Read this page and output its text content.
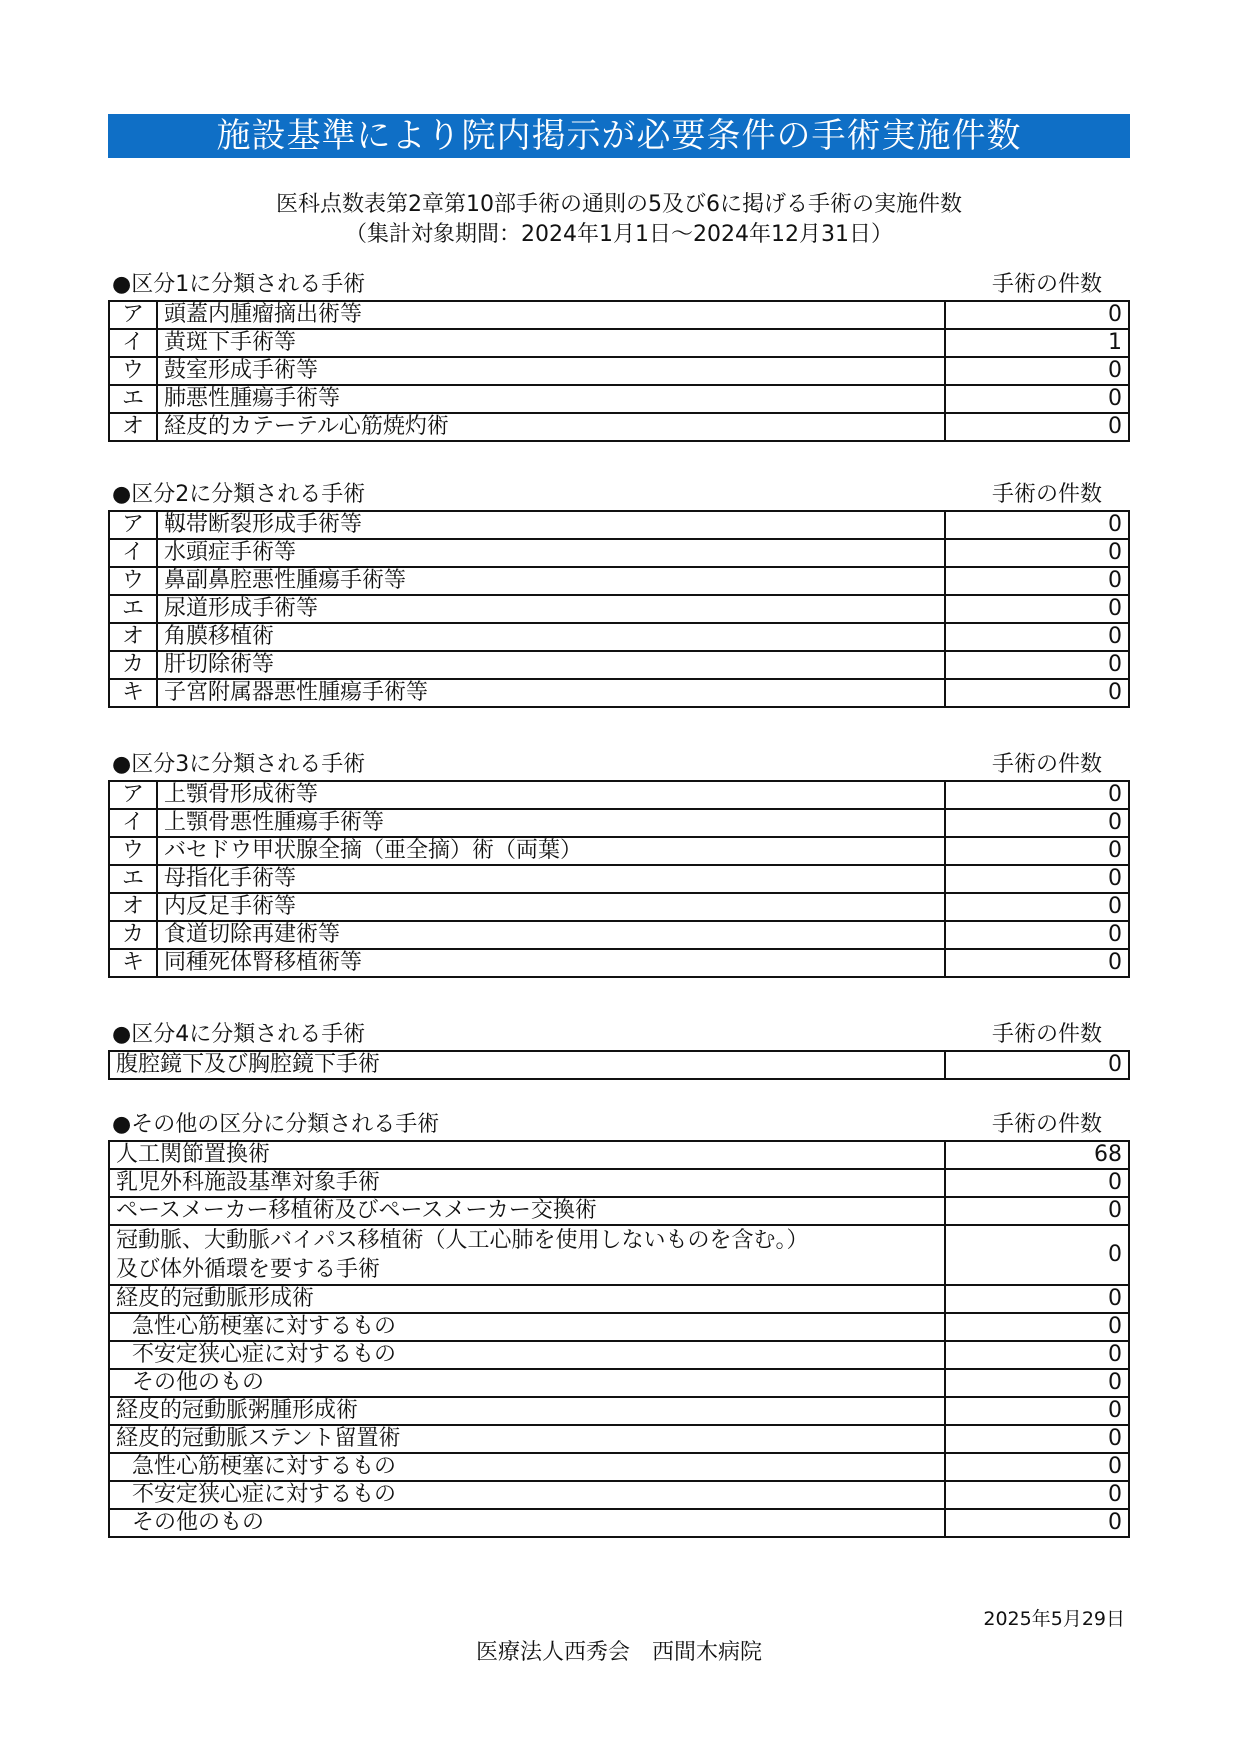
施設基準により院内掲示が必要条件の手術実施件数
医科点数表第2章第10部手術の通則の5及び6に掲げる手術の実施件数
（集計対象期間：2024年1月1日～2024年12月31日）
●区分1に分類される手術	手術の件数
ア	頭蓋内腫瘤摘出術等	0
イ	黄斑下手術等	1
ウ	鼓室形成手術等	0
エ	肺悪性腫瘍手術等	0
オ	経皮的カテーテル心筋焼灼術	0
●区分2に分類される手術	手術の件数
ア	靱帯断裂形成手術等	0
イ	水頭症手術等	0
ウ	鼻副鼻腔悪性腫瘍手術等	0
エ	尿道形成手術等	0
オ	角膜移植術	0
カ	肝切除術等	0
キ	子宮附属器悪性腫瘍手術等	0
●区分3に分類される手術	手術の件数
ア	上顎骨形成術等	0
イ	上顎骨悪性腫瘍手術等	0
ウ	バセドウ甲状腺全摘（亜全摘）術（両葉）	0
エ	母指化手術等	0
オ	内反足手術等	0
カ	食道切除再建術等	0
キ	同種死体腎移植術等	0
●区分4に分類される手術	手術の件数
腹腔鏡下及び胸腔鏡下手術	0
●その他の区分に分類される手術	手術の件数
人工関節置換術	68
乳児外科施設基準対象手術	0
ペースメーカー移植術及びペースメーカー交換術	0

冠動脈、大動脈バイパス移植術（人工心肺を使用しないものを含む。）
及び体外循環を要する手術	0
経皮的冠動脈形成術	0
急性心筋梗塞に対するもの	0
不安定狭心症に対するもの	0
その他のもの	0
経皮的冠動脈粥腫形成術	0
経皮的冠動脈ステント留置術	0
急性心筋梗塞に対するもの	0
不安定狭心症に対するもの	0
その他のもの	0
2025年5月29日
医療法人西秀会　西間木病院
